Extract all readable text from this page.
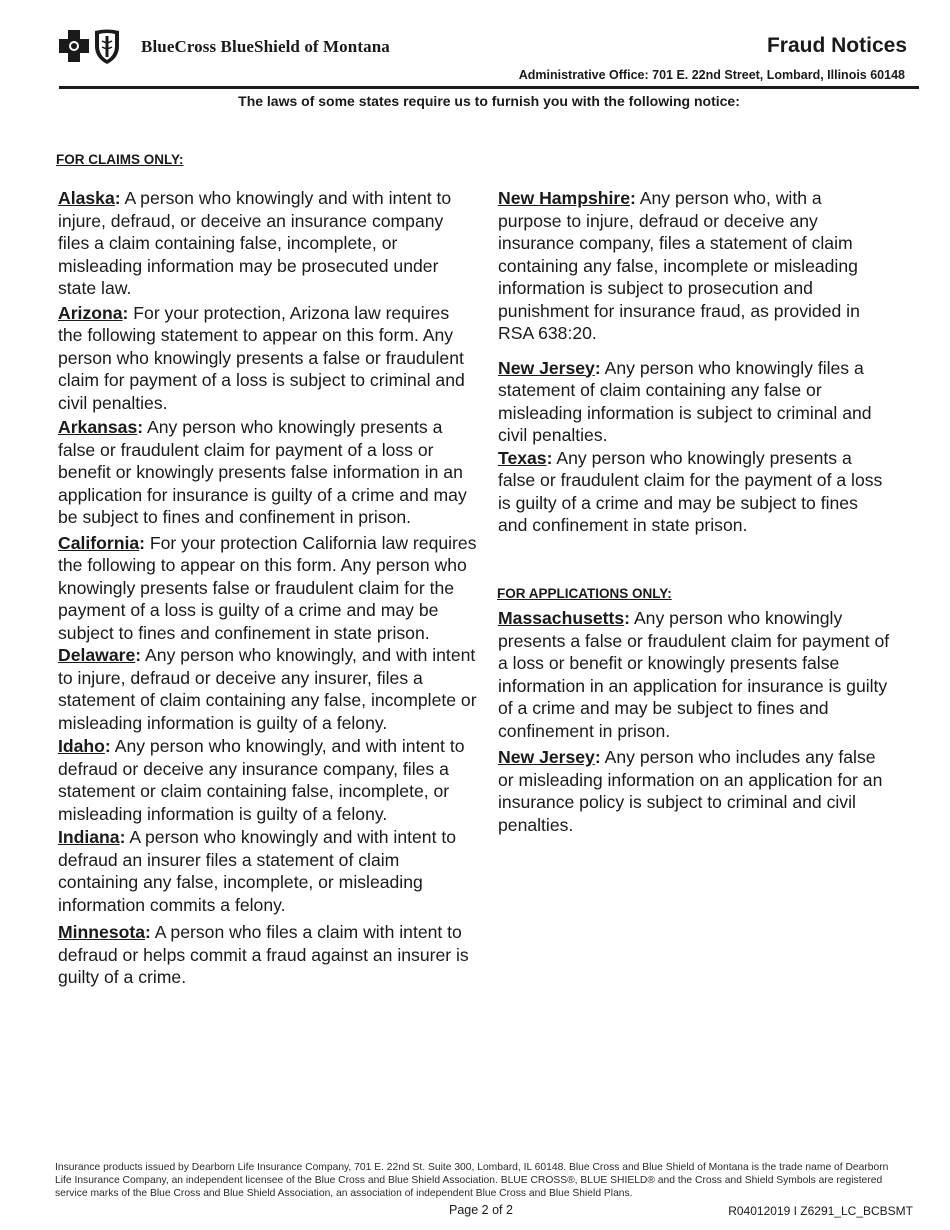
BlueCross BlueShield of Montana	Fraud Notices
Administrative Office: 701 E. 22nd Street, Lombard, Illinois 60148
The laws of some states require us to furnish you with the following notice:
FOR CLAIMS ONLY:

Alaska: A person who knowingly and with intent to injure, defraud, or deceive an insurance company files a claim containing false, incomplete, or misleading information may be prosecuted under state law.

Arizona: For your protection, Arizona law requires the following statement to appear on this form. Any person who knowingly presents a false or fraudulent claim for payment of a loss is subject to criminal and civil penalties.

Arkansas: Any person who knowingly presents a false or fraudulent claim for payment of a loss or benefit or knowingly presents false information in an application for insurance is guilty of a crime and may be subject to fines and confinement in prison.

California: For your protection California law requires the following to appear on this form. Any person who knowingly presents false or fraudulent claim for the payment of a loss is guilty of a crime and may be subject to fines and confinement in state prison.

Delaware: Any person who knowingly, and with intent to injure, defraud or deceive any insurer, files a statement of claim containing any false, incomplete or misleading information is guilty of a felony.

Idaho: Any person who knowingly, and with intent to defraud or deceive any insurance company, files a statement or claim containing false, incomplete, or misleading information is guilty of a felony.

Indiana: A person who knowingly and with intent to defraud an insurer files a statement of claim containing any false, incomplete, or misleading information commits a felony.

Minnesota: A person who files a claim with intent to defraud or helps commit a fraud against an insurer is guilty of a crime.

New Hampshire: Any person who, with a purpose to injure, defraud or deceive any insurance company, files a statement of claim containing any false, incomplete or misleading information is subject to prosecution and punishment for insurance fraud, as provided in RSA 638:20.

New Jersey: Any person who knowingly files a statement of claim containing any false or misleading information is subject to criminal and civil penalties.

Texas: Any person who knowingly presents a false or fraudulent claim for the payment of a loss is guilty of a crime and may be subject to fines and confinement in state prison.

FOR APPLICATIONS ONLY:

Massachusetts: Any person who knowingly presents a false or fraudulent claim for payment of a loss or benefit or knowingly presents false information in an application for insurance is guilty of a crime and may be subject to fines and confinement in prison.

New Jersey: Any person who includes any false or misleading information on an application for an insurance policy is subject to criminal and civil penalties.

Insurance products issued by Dearborn Life Insurance Company, 701 E. 22nd St. Suite 300, Lombard, IL 60148. Blue Cross and Blue Shield of Montana is the trade name of Dearborn Life Insurance Company, an independent licensee of the Blue Cross and Blue Shield Association. BLUE CROSS®, BLUE SHIELD® and the Cross and Shield Symbols are registered service marks of the Blue Cross and Blue Shield Association, an association of independent Blue Cross and Blue Shield Plans.
Page 2 of 2	R04012019 I Z6291_LC_BCBSMT
